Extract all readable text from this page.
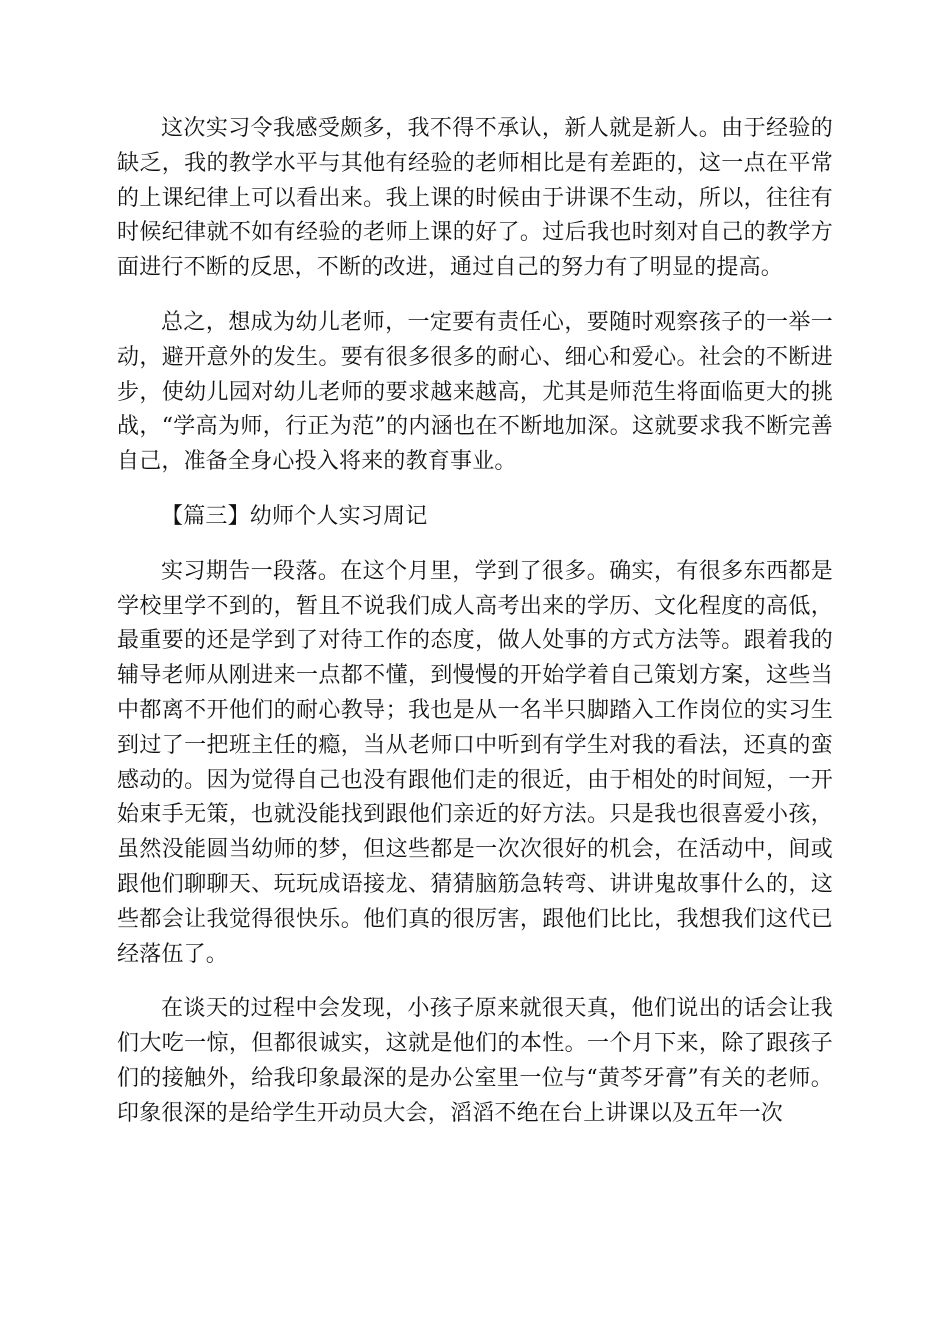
这次实习令我感受颇多，我不得不承认，新人就是新人。由于经验的缺乏，我的教学水平与其他有经验的老师相比是有差距的，这一点在平常的上课纪律上可以看出来。我上课的时候由于讲课不生动，所以，往往有时候纪律就不如有经验的老师上课的好了。过后我也时刻对自己的教学方面进行不断的反思，不断的改进，通过自己的努力有了明显的提高。

总之，想成为幼儿老师，一定要有责任心，要随时观察孩子的一举一动，避开意外的发生。要有很多很多的耐心、细心和爱心。社会的不断进步，使幼儿园对幼儿老师的要求越来越高，尤其是师范生将面临更大的挑战，“学高为师，行正为范”的内涵也在不断地加深。这就要求我不断完善自己，准备全身心投入将来的教育事业。

【篇三】幼师个人实习周记

实习期告一段落。在这个月里，学到了很多。确实，有很多东西都是学校里学不到的，暂且不说我们成人高考出来的学历、文化程度的高低，最重要的还是学到了对待工作的态度，做人处事的方式方法等。跟着我的辅导老师从刚进来一点都不懂，到慢慢的开始学着自己策划方案，这些当中都离不开他们的耐心教导；我也是从一名半只脚踏入工作岗位的实习生到过了一把班主任的瘾，当从老师口中听到有学生对我的看法，还真的蛮感动的。因为觉得自己也没有跟他们走的很近，由于相处的时间短，一开始束手无策，也就没能找到跟他们亲近的好方法。只是我也很喜爱小孩，虽然没能圆当幼师的梦，但这些都是一次次很好的机会，在活动中，间或跟他们聊聊天、玩玩成语接龙、猜猜脑筋急转弯、讲讲鬼故事什么的，这些都会让我觉得很快乐。他们真的很厉害，跟他们比比，我想我们这代已经落伍了。

在谈天的过程中会发现，小孩子原来就很天真，他们说出的话会让我们大吃一惊，但都很诚实，这就是他们的本性。一个月下来，除了跟孩子们的接触外，给我印象最深的是办公室里一位与“黄芩牙膏”有关的老师。印象很深的是给学生开动员大会，滔滔不绝在台上讲课以及五年一次
